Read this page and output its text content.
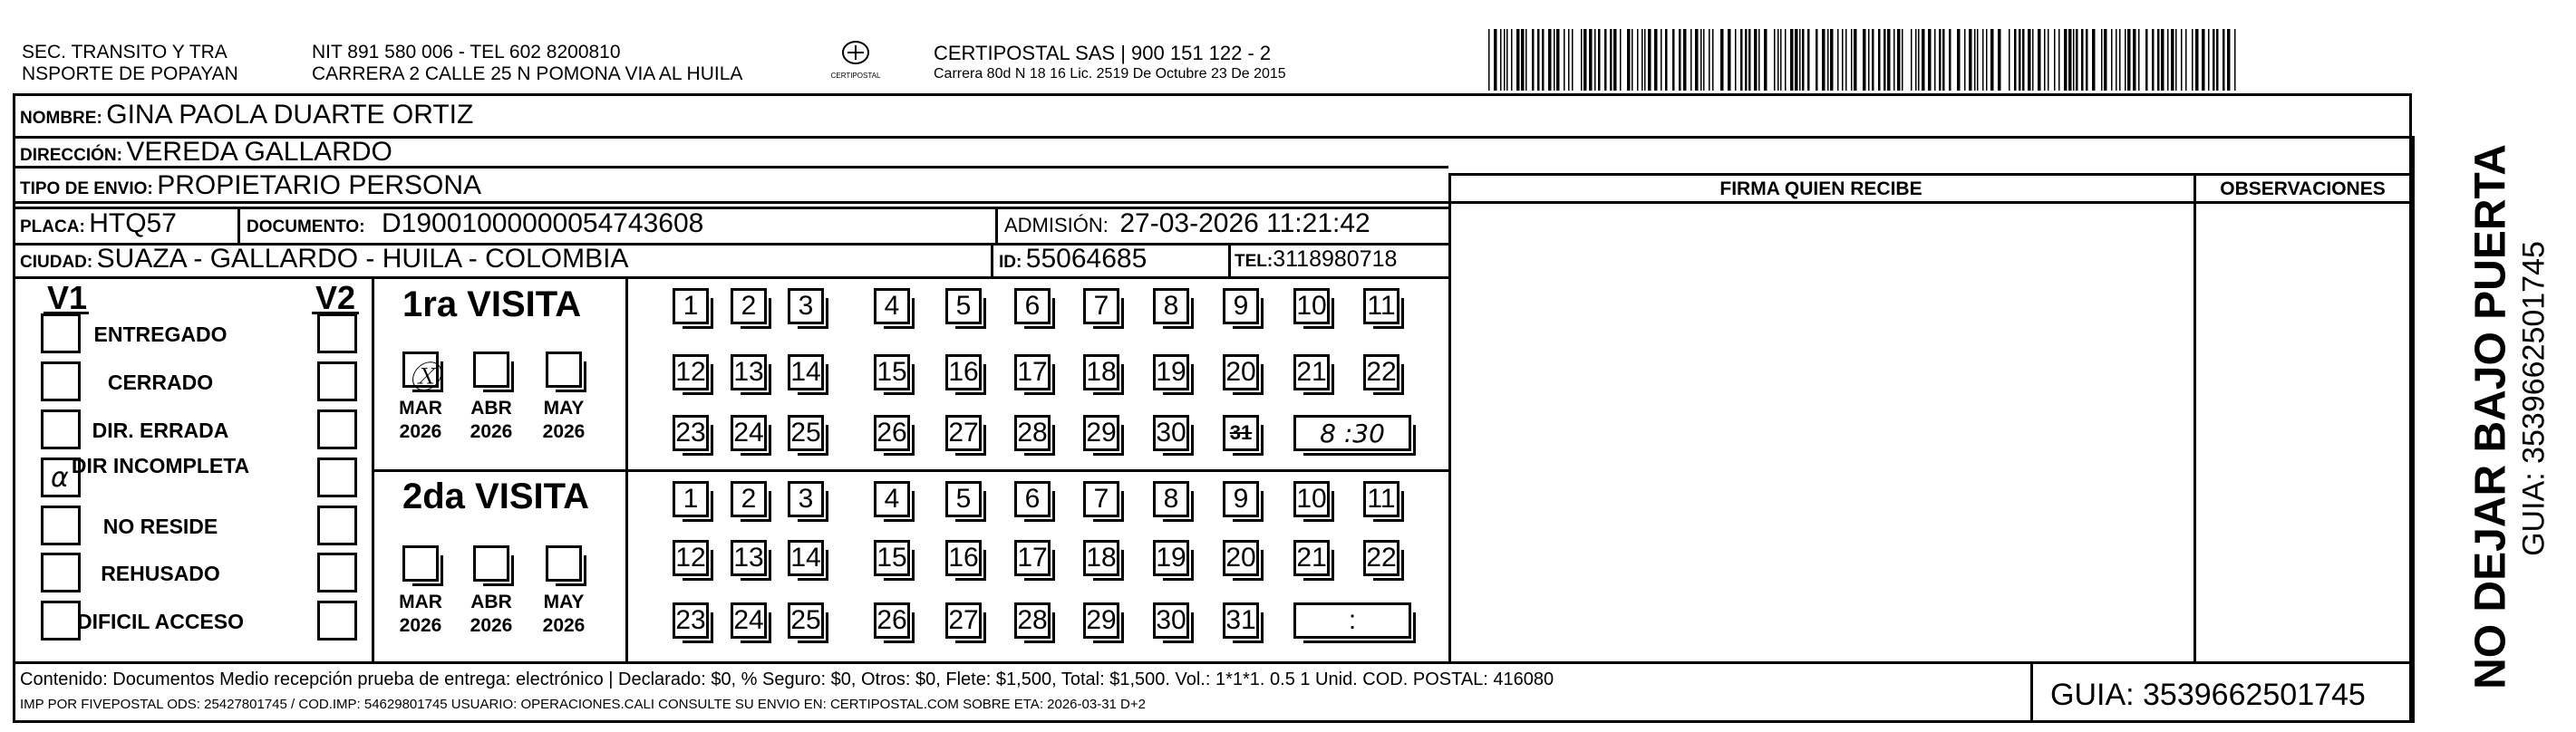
SEC. TRANSITO Y TRA
NSPORTE DE POPAYAN
NIT 891 580 006 - TEL 602 8200810
CARRERA 2 CALLE 25 N POMONA VIA AL HUILA	CERTIPOSTAL
CERTIPOSTAL SAS | 900 151 122 - 2
Carrera 80d N 18 16 Lic. 2519 De Octubre 23 De 2015
NOMBRE: GINA PAOLA DUARTE ORTIZ
DIRECCIÓN: VEREDA GALLARDO
TIPO DE ENVIO: PROPIETARIO PERSONA
PLACA: HTQ57	DOCUMENTO: D19001000000054743608	ADMISIÓN: 27-03-2026 11:21:42
CIUDAD: SUAZA - GALLARDO - HUILA - COLOMBIA	ID: 55064685	TEL:3118980718
FIRMA QUIEN RECIBE	OBSERVACIONES
V1	V2
ENTREGADO
CERRADO
DIR. ERRADA
α DIR INCOMPLETA
NO RESIDE
REHUSADO
DIFICIL ACCESO
1ra VISITA
2da VISITA
Ⓧ
MAR
2026
ABR
2026
MAY
2026
MAR
2026
ABR
2026
MAY
2026
1	2	3	4	5	6	7	8	9	10 11
12 13 14 15 16 17 18 19 20 21 22
23 24 25 26 27 28 29 30 31	8 :30
1	2	3	4	5	6	7	8	9	10 11
12 13 14 15 16 17 18 19 20 21 22
23 24 25 26 27 28 29 30 31	:	NO DEJAR BAJO PUERTA GUIA: 3539662501745
Contenido: Documentos Medio recepción prueba de entrega: electrónico | Declarado: $0, % Seguro: $0, Otros: $0, Flete: $1,500, Total: $1,500. Vol.: 1*1*1. 0.5 1 Unid. COD. POSTAL: 416080
IMP POR FIVEPOSTAL ODS: 25427801745 / COD.IMP: 54629801745 USUARIO: OPERACIONES.CALI CONSULTE SU ENVIO EN: CERTIPOSTAL.COM SOBRE ETA: 2026-03-31 D+2	GUIA: 3539662501745
